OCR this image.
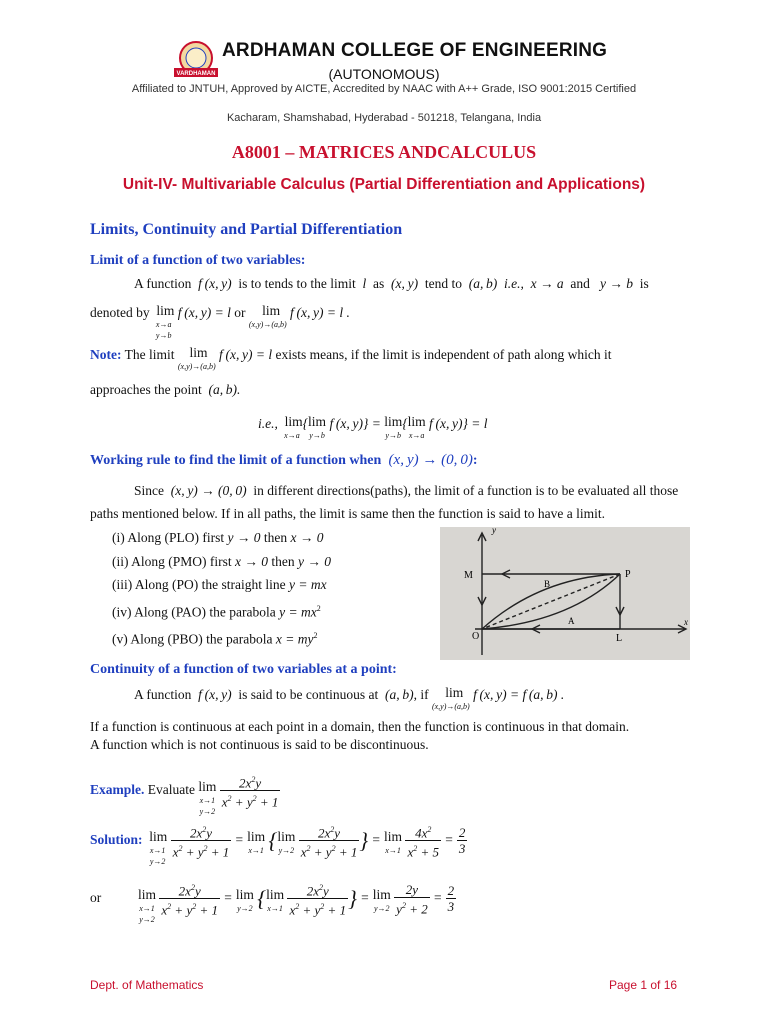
VARDHAMAN
ARDHAMAN COLLEGE OF ENGINEERING
(AUTONOMOUS)
Affiliated to JNTUH, Approved by AICTE, Accredited by NAAC with A++ Grade, ISO 9001:2015 Certified
Kacharam, Shamshabad, Hyderabad - 501218, Telangana, India
A8001 – MATRICES ANDCALCULUS
Unit-IV- Multivariable Calculus (Partial Differentiation and Applications)
Limits, Continuity and Partial Differentiation
Limit of a function of two variables:
A function  f (x, y)  is to tends to the limit  l  as  (x, y)  tend to  (a, b)  i.e.,  x → a  and   y → b  is
denoted by  lim
x→a
y→b f (x, y) = l or   lim
(x,y)→(a,b) f (x, y) = l .
Note: The limit  lim
(x,y)→(a,b) f (x, y) = l exists means, if the limit is independent of path along which it
approaches the point  (a, b).
i.e.,  lim
x→a{lim
y→b f (x, y)} = lim
y→b{lim
x→a f (x, y)} = l
Working rule to find the limit of a function when  (x, y) → (0, 0):
Since  (x, y) → (0, 0)  in different directions(paths), the limit of a function is to be evaluated all those
paths mentioned below. If in all paths, the limit is same then the function is said to have a limit.
(i) Along (PLO) first y → 0 then x → 0
(ii) Along (PMO) first x → 0 then y → 0
(iii) Along (PO) the straight line y = mx
(iv) Along (PAO) the parabola $y = mx^2$
(v) Along (PBO) the parabola $x = my^2$
y
x
M	P
B
A
O	L
Continuity of a function of two variables at a point:
A function  f (x, y)  is said to be continuous at  (a, b), if   lim
(x,y)→(a,b) f (x, y) = f (a, b) .
If a function is continuous at each point in a domain, then the function is continuous in that domain.
A function which is not continuous is said to be discontinuous.
Example. Evaluate lim
x→1
y→2
$\frac{2x^2y}{x^2 + y^2 + 1}$
Solution:  lim
x→1
y→2
$\frac{2x^2y}{x^2 + y^2 + 1} = \lim$
x→1 {lim
$y\to 2 \frac{2x^2y}{x^2 + y^2 + 1}$ } = lim
$x\to 1 \frac{4x^2}{x^2 + 5} = \frac{2}{3}$
or	lim
x→1
y→2
$\frac{2x^2y}{x^2 + y^2 + 1} = \lim$
y→2 {lim
$x\to 1 \frac{2x^2y}{x^2 + y^2 + 1}$ } = lim
$y\to 2 \frac{2y}{y^2 + 2} = \frac{2}{3}$
Dept. of Mathematics	Page 1 of 16
